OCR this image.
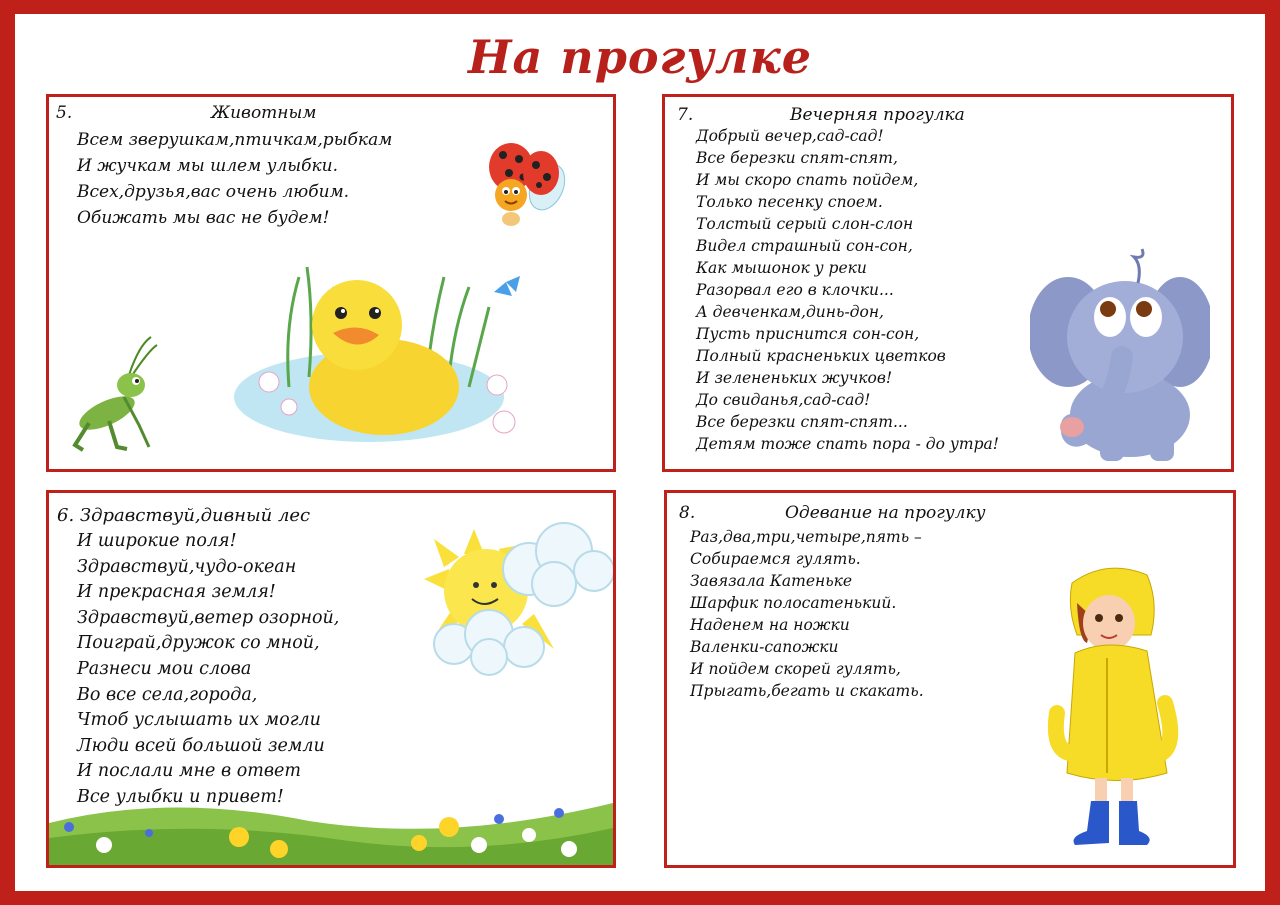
На прогулке
5.	Животным
Всем зверушкам,птичкам,рыбкам
И жучкам мы шлем улыбки.
Всех,друзья,вас очень любим.
Обижать мы вас не будем!
7.	Вечерняя прогулка
Добрый вечер,сад-сад!
Все березки спят-спят,
И мы скоро спать пойдем,
Только песенку споем.
Толстый серый слон-слон
Видел страшный сон-сон,
Как мышонок у реки
Разорвал его в клочки...
А девченкам,динь-дон,
Пусть приснится сон-сон,
Полный красненьких цветков
И зелененьких жучков!
До свиданья,сад-сад!
Все березки спят-спят...
Детям тоже спать пора - до утра!
6. Здравствуй,дивный лес
И широкие поля!
Здравствуй,чудо-океан
И прекрасная земля!
Здравствуй,ветер озорной,
Поиграй,дружок со мной,
Разнеси мои слова
Во все села,города,
Чтоб услышать их могли
Люди всей большой земли
И послали мне в ответ
Все улыбки и привет!
8.	Одевание на прогулку
Раз,два,три,четыре,пять –
Собираемся гулять.
Завязала Катеньке
Шарфик полосатенький.
Наденем на ножки
Валенки-сапожки
И пойдем скорей гулять,
Прыгать,бегать и скакать.
